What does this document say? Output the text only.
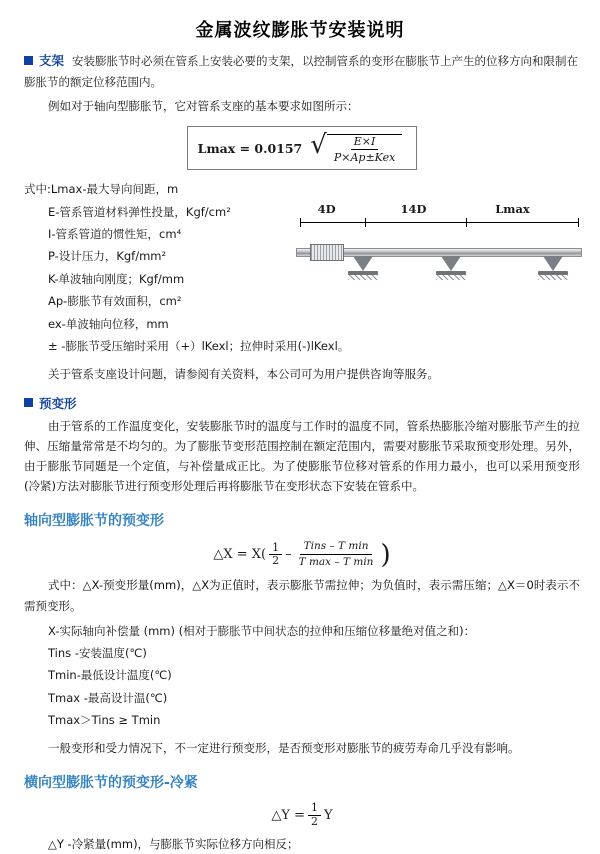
金属波纹膨胀节安装说明
支架 安装膨胀节时必须在管系上安装必要的支架，以控制管系的变形在膨胀节上产生的位移方向和限制在膨胀节的额定位移范围内。

例如对于轴向型膨胀节，它对管系支座的基本要求如图所示：

Lmax = 0.0157 √ $\frac{E\times I}{\text{P×Ap±Kex}}$
式中:Lmax-最大导向间距，m
E-管系管道材料弹性投量，Kgf/cm²
I-管系管道的惯性矩，cm⁴
P-设计压力，Kgf/mm²
K-单波轴向刚度；Kgf/mm
Ap-膨胀节有效面积，cm²
ex-单波轴向位移，mm
± -膨胀节受压缩时采用（+）lKexl；拉伸时采用(-)lKexl。

关于管系支座设计问题，请参阅有关资料，本公司可为用户提供咨询等服务。

预变形

由于管系的工作温度变化，安装膨胀节时的温度与工作时的温度不同，管系热膨胀冷缩对膨胀节产生的拉伸、压缩量常常是不均匀的。为了膨胀节变形范围控制在额定范围内，需要对膨胀节采取预变形处理。另外，由于膨胀节同题是一个定值，与补偿量成正比。为了使膨胀节位移对管系的作用力最小，也可以采用预变形(冷紧)方法对膨胀节进行预变形处理后再将膨胀节在变形状态下安装在管系中。

轴向型膨胀节的预变形
△X = $X( \frac{1}{2}$ –
Tins – T min
T max – T min )

式中：△X-预变形量(mm)，△X为正值时，表示膨胀节需拉伸；为负值时，表示需压缩；△X＝0时表示不需预变形。

X-实际轴向补偿量 (mm) (相对于膨胀节中间状态的拉伸和压缩位移量绝对值之和)：
Tins -安装温度(℃)
Tmin-最低设计温度(℃)
Tmax -最高设计温(℃)
Tmax＞Tins ≥ Tmin

一般变形和受力情况下，不一定进行预变形，是否预变形对膨胀节的疲劳寿命几乎没有影响。

横向型膨胀节的预变形-冷紧
△Y = $\frac{1}{2}$ Y

△Y -冷紧量(mm)，与膨胀节实际位移方向相反；

4D	14D	Lmax
